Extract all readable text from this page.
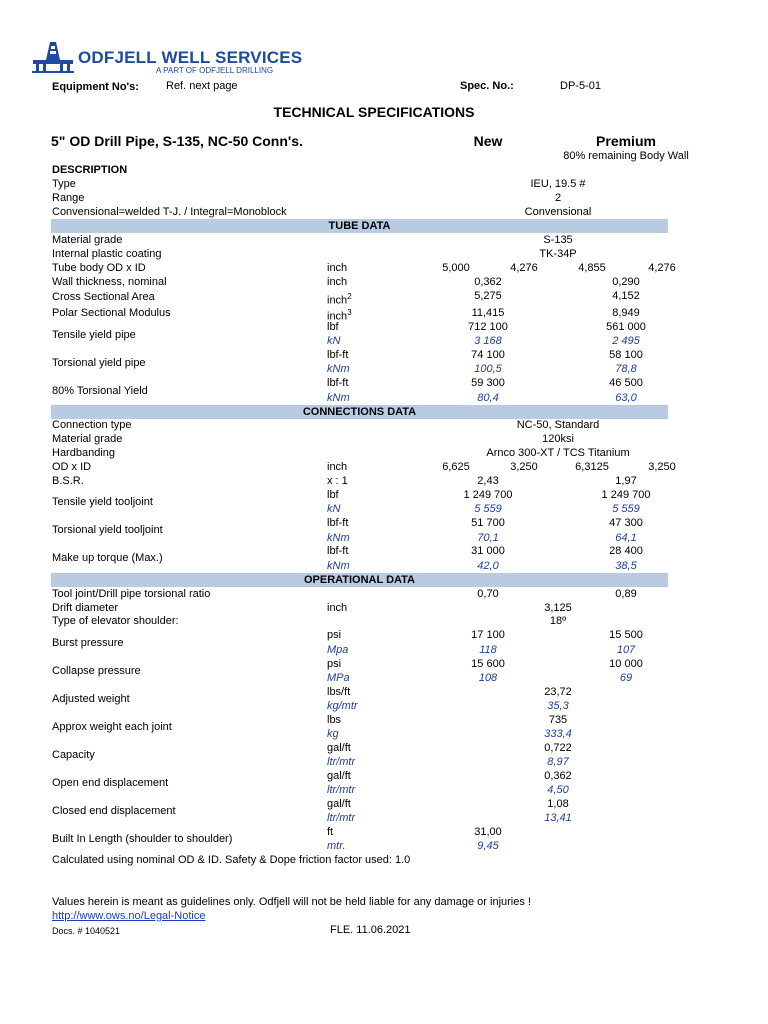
ODFJELL WELL SERVICES
A PART OF ODFJELL DRILLING
Equipment No's: Ref. next page	Spec. No.:	DP-5-01
TECHNICAL SPECIFICATIONS
5" OD Drill Pipe, S-135, NC-50 Conn's.	New	Premium
80% remaining Body Wall
DESCRIPTION
Type	IEU, 19.5 #
Range	2
Convensional=welded T-J. / Integral=Monoblock	Convensional
TUBE DATA
Material grade	S-135
Internal plastic coating	TK-34P
Tube body OD x ID	inch	5,000	4,276	4,855	4,276
Wall thickness, nominal	inch	0,362	0,290
Cross Sectional Area	inch$^2$	5,275	4,152
Polar Sectional Modulus	inch$^3$	11,415	8,949
Tensile yield pipe
lbf	712 100	561 000
kN	3 168	2 495
Torsional yield pipe
lbf-ft	74 100	58 100
kNm	100,5	78,8
80% Torsional Yield
lbf-ft	59 300	46 500
kNm	80,4	63,0
CONNECTIONS DATA
Connection type	NC-50, Standard
Material grade	120ksi
Hardbanding	Arnco 300-XT / TCS Titanium
OD x ID	inch	6,625	3,250	6,3125	3,250
B.S.R.	x : 1	2,43	1,97
Tensile yield tooljoint
lbf	1 249 700	1 249 700
kN	5 559	5 559
Torsional yield tooljoint
lbf-ft	51 700	47 300
kNm	70,1	64,1
Make up torque (Max.)
lbf-ft	31 000	28 400
kNm	42,0	38,5
OPERATIONAL DATA
Tool joint/Drill pipe torsional ratio	0,70	0,89
Drift diameter	inch	3,125
Type of elevator shoulder:	18º
Burst pressure
psi	17 100	15 500
Mpa	118	107
Collapse pressure
psi	15 600	10 000
MPa	108	69
Adjusted weight
lbs/ft	23,72
kg/mtr	35,3
Approx weight each joint
lbs	735
kg	333,4
Capacity
gal/ft	0,722
ltr/mtr	8,97
Open end displacement
gal/ft	0,362
ltr/mtr	4,50
Closed end displacement
gal/ft	1,08
ltr/mtr	13,41
Built In Length (shoulder to shoulder)
ft	31,00
mtr.	9,45
Calculated using nominal OD & ID. Safety & Dope friction factor used: 1.0
Values herein is meant as guidelines only. Odfjell will not be held liable for any damage or injuries !
http://www.ows.no/Legal-Notice
Docs. # 1040521	FLE. 11.06.2021
